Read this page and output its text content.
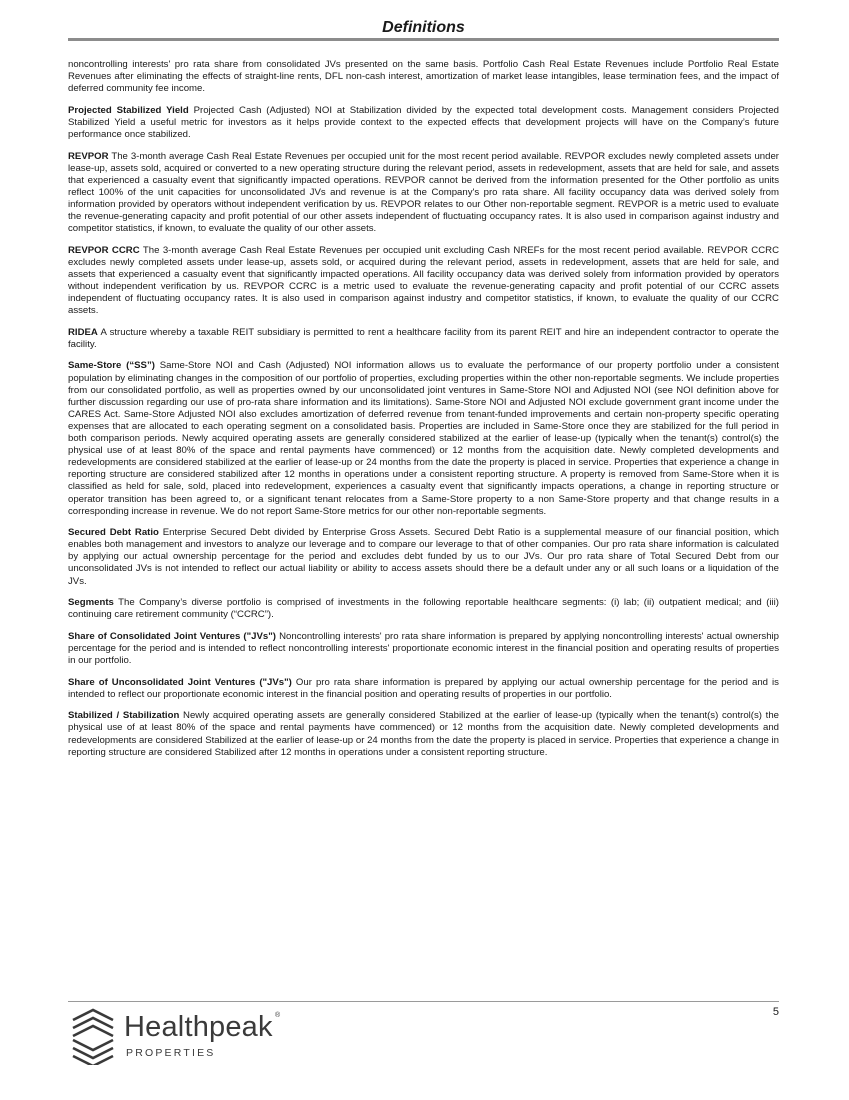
Definitions

noncontrolling interests' pro rata share from consolidated JVs presented on the same basis. Portfolio Cash Real Estate Revenues include Portfolio Real Estate Revenues after eliminating the effects of straight-line rents, DFL non-cash interest, amortization of market lease intangibles, lease termination fees, and the impact of deferred community fee income.

Projected Stabilized Yield Projected Cash (Adjusted) NOI at Stabilization divided by the expected total development costs. Management considers Projected Stabilized Yield a useful metric for investors as it helps provide context to the expected effects that development projects will have on the Company’s future performance once stabilized.

REVPOR The 3-month average Cash Real Estate Revenues per occupied unit for the most recent period available. REVPOR excludes newly completed assets under lease-up, assets sold, acquired or converted to a new operating structure during the relevant period, assets in redevelopment, assets that are held for sale, and assets that experienced a casualty event that significantly impacted operations. REVPOR cannot be derived from the information presented for the Other portfolio as units reflect 100% of the unit capacities for unconsolidated JVs and revenue is at the Company's pro rata share. All facility occupancy data was derived solely from information provided by operators without independent verification by us. REVPOR relates to our Other non-reportable segment. REVPOR is a metric used to evaluate the revenue-generating capacity and profit potential of our other assets independent of fluctuating occupancy rates. It is also used in comparison against industry and competitor statistics, if known, to evaluate the quality of our other assets.

REVPOR CCRC The 3-month average Cash Real Estate Revenues per occupied unit excluding Cash NREFs for the most recent period available. REVPOR CCRC excludes newly completed assets under lease-up, assets sold, or acquired during the relevant period, assets in redevelopment, assets that are held for sale, and assets that experienced a casualty event that significantly impacted operations. All facility occupancy data was derived solely from information provided by operators without independent verification by us. REVPOR CCRC is a metric used to evaluate the revenue-generating capacity and profit potential of our CCRC assets independent of fluctuating occupancy rates. It is also used in comparison against industry and competitor statistics, if known, to evaluate the quality of our CCRC assets.

RIDEA A structure whereby a taxable REIT subsidiary is permitted to rent a healthcare facility from its parent REIT and hire an independent contractor to operate the facility.

Same-Store (“SS”) Same-Store NOI and Cash (Adjusted) NOI information allows us to evaluate the performance of our property portfolio under a consistent population by eliminating changes in the composition of our portfolio of properties, excluding properties within the other non-reportable segments. We include properties from our consolidated portfolio, as well as properties owned by our unconsolidated joint ventures in Same-Store NOI and Adjusted NOI (see NOI definition above for further discussion regarding our use of pro-rata share information and its limitations). Same-Store NOI and Adjusted NOI exclude government grant income under the CARES Act. Same-Store Adjusted NOI also excludes amortization of deferred revenue from tenant-funded improvements and certain non-property specific operating expenses that are allocated to each operating segment on a consolidated basis. Properties are included in Same-Store once they are stabilized for the full period in both comparison periods. Newly acquired operating assets are generally considered stabilized at the earlier of lease-up (typically when the tenant(s) control(s) the physical use of at least 80% of the space and rental payments have commenced) or 12 months from the acquisition date. Newly completed developments and redevelopments are considered stabilized at the earlier of lease-up or 24 months from the date the property is placed in service. Properties that experience a change in reporting structure are considered stabilized after 12 months in operations under a consistent reporting structure. A property is removed from Same-Store when it is classified as held for sale, sold, placed into redevelopment, experiences a casualty event that significantly impacts operations, a change in reporting structure or operator transition has been agreed to, or a significant tenant relocates from a Same-Store property to a non Same-Store property and that change results in a corresponding increase in revenue. We do not report Same-Store metrics for our other non-reportable segments.

Secured Debt Ratio Enterprise Secured Debt divided by Enterprise Gross Assets. Secured Debt Ratio is a supplemental measure of our financial position, which enables both management and investors to analyze our leverage and to compare our leverage to that of other companies. Our pro rata share information is calculated by applying our actual ownership percentage for the period and excludes debt funded by us to our JVs. Our pro rata share of Total Secured Debt from our unconsolidated JVs is not intended to reflect our actual liability or ability to access assets should there be a default under any or all such loans or a liquidation of the JVs.

Segments The Company’s diverse portfolio is comprised of investments in the following reportable healthcare segments: (i) lab; (ii) outpatient medical; and (iii) continuing care retirement community (“CCRC”).

Share of Consolidated Joint Ventures ("JVs") Noncontrolling interests' pro rata share information is prepared by applying noncontrolling interests' actual ownership percentage for the period and is intended to reflect noncontrolling interests' proportionate economic interest in the financial position and operating results of properties in our portfolio.

Share of Unconsolidated Joint Ventures ("JVs") Our pro rata share information is prepared by applying our actual ownership percentage for the period and is intended to reflect our proportionate economic interest in the financial position and operating results of properties in our portfolio.

Stabilized / Stabilization Newly acquired operating assets are generally considered Stabilized at the earlier of lease-up (typically when the tenant(s) control(s) the physical use of at least 80% of the space and rental payments have commenced) or 12 months from the acquisition date. Newly completed developments and redevelopments are considered Stabilized at the earlier of lease-up or 24 months from the date the property is placed in service. Properties that experience a change in reporting structure are considered Stabilized after 12 months in operations under a consistent reporting structure.

5
Healthpeak ®
PROPERTIES
